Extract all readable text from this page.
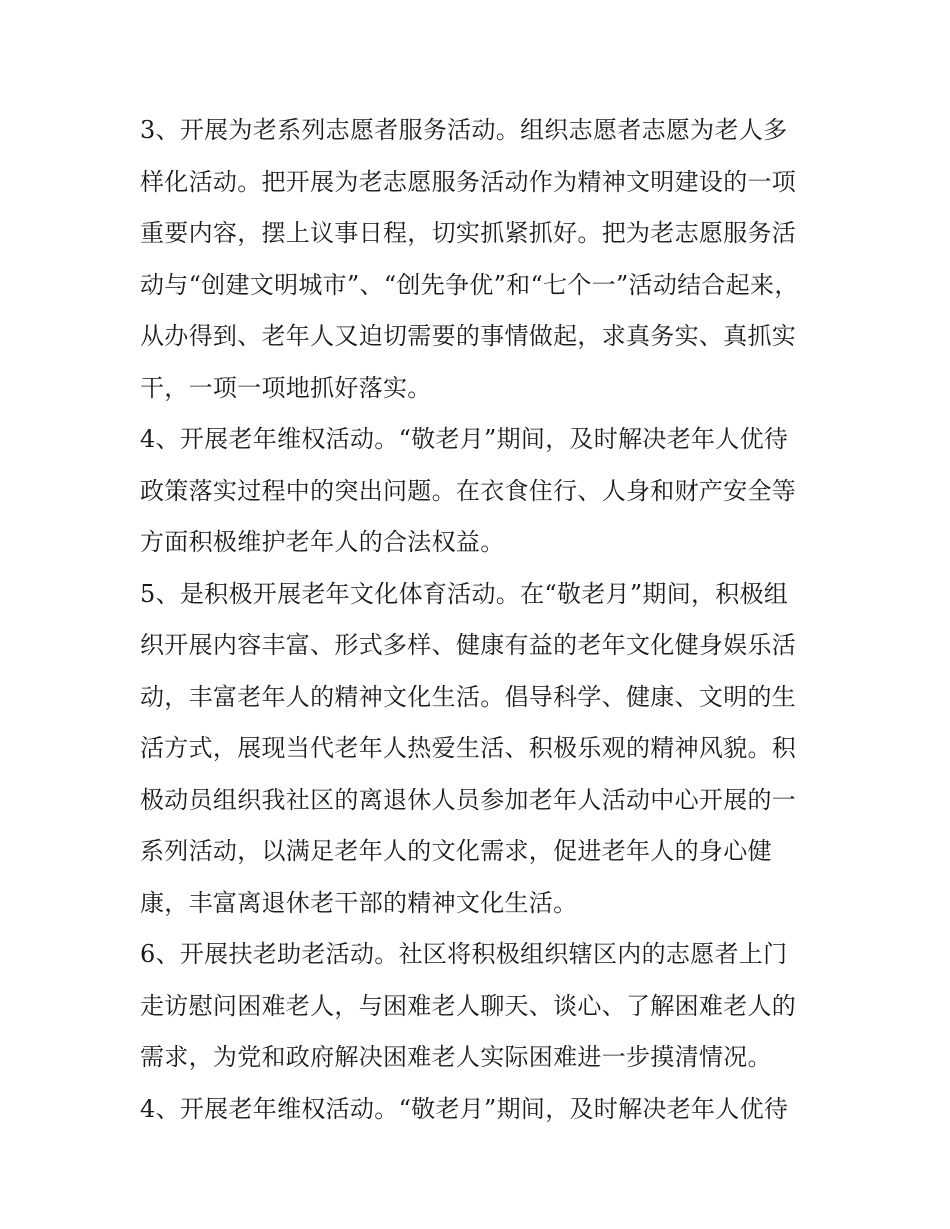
3、开展为老系列志愿者服务活动。组织志愿者志愿为老人多
样化活动。把开展为老志愿服务活动作为精神文明建设的一项
重要内容，摆上议事日程，切实抓紧抓好。把为老志愿服务活
动与“创建文明城市”、“创先争优”和“七个一”活动结合起来，
从办得到、老年人又迫切需要的事情做起，求真务实、真抓实
干，一项一项地抓好落实。
4、开展老年维权活动。“敬老月”期间，及时解决老年人优待
政策落实过程中的突出问题。在衣食住行、人身和财产安全等
方面积极维护老年人的合法权益。
5、是积极开展老年文化体育活动。在“敬老月”期间，积极组
织开展内容丰富、形式多样、健康有益的老年文化健身娱乐活
动，丰富老年人的精神文化生活。倡导科学、健康、文明的生
活方式，展现当代老年人热爱生活、积极乐观的精神风貌。积
极动员组织我社区的离退休人员参加老年人活动中心开展的一
系列活动，以满足老年人的文化需求，促进老年人的身心健
康，丰富离退休老干部的精神文化生活。
6、开展扶老助老活动。社区将积极组织辖区内的志愿者上门
走访慰问困难老人，与困难老人聊天、谈心、了解困难老人的
需求，为党和政府解决困难老人实际困难进一步摸清情况。
4、开展老年维权活动。“敬老月”期间，及时解决老年人优待
